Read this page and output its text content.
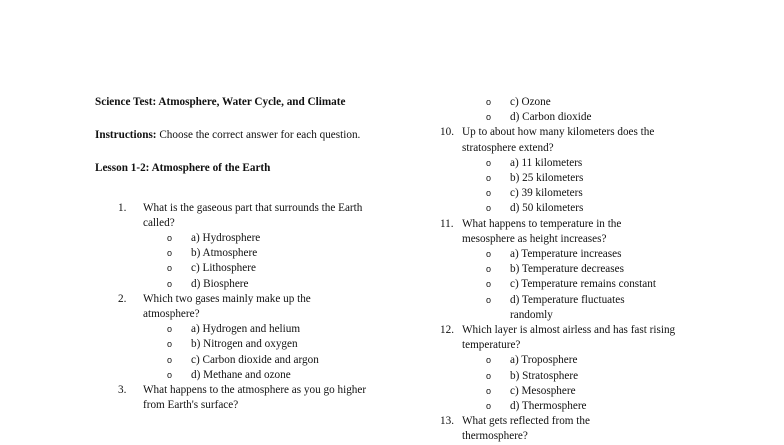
Science Test: Atmosphere, Water Cycle, and Climate
Instructions: Choose the correct answer for each question.
Lesson 1-2: Atmosphere of the Earth
1. What is the gaseous part that surrounds the Earth called?
o a) Hydrosphere
o b) Atmosphere
o c) Lithosphere
o d) Biosphere
2. Which two gases mainly make up the atmosphere?
o a) Hydrogen and helium
o b) Nitrogen and oxygen
o c) Carbon dioxide and argon
o d) Methane and ozone
3. What happens to the atmosphere as you go higher from Earth's surface?
o c) Ozone
o d) Carbon dioxide
10. Up to about how many kilometers does the stratosphere extend?
o a) 11 kilometers
o b) 25 kilometers
o c) 39 kilometers
o d) 50 kilometers
11. What happens to temperature in the mesosphere as height increases?
o a) Temperature increases
o b) Temperature decreases
o c) Temperature remains constant
o d) Temperature fluctuates randomly
12. Which layer is almost airless and has fast rising temperature?
o a) Troposphere
o b) Stratosphere
o c) Mesosphere
o d) Thermosphere
13. What gets reflected from the thermosphere?
